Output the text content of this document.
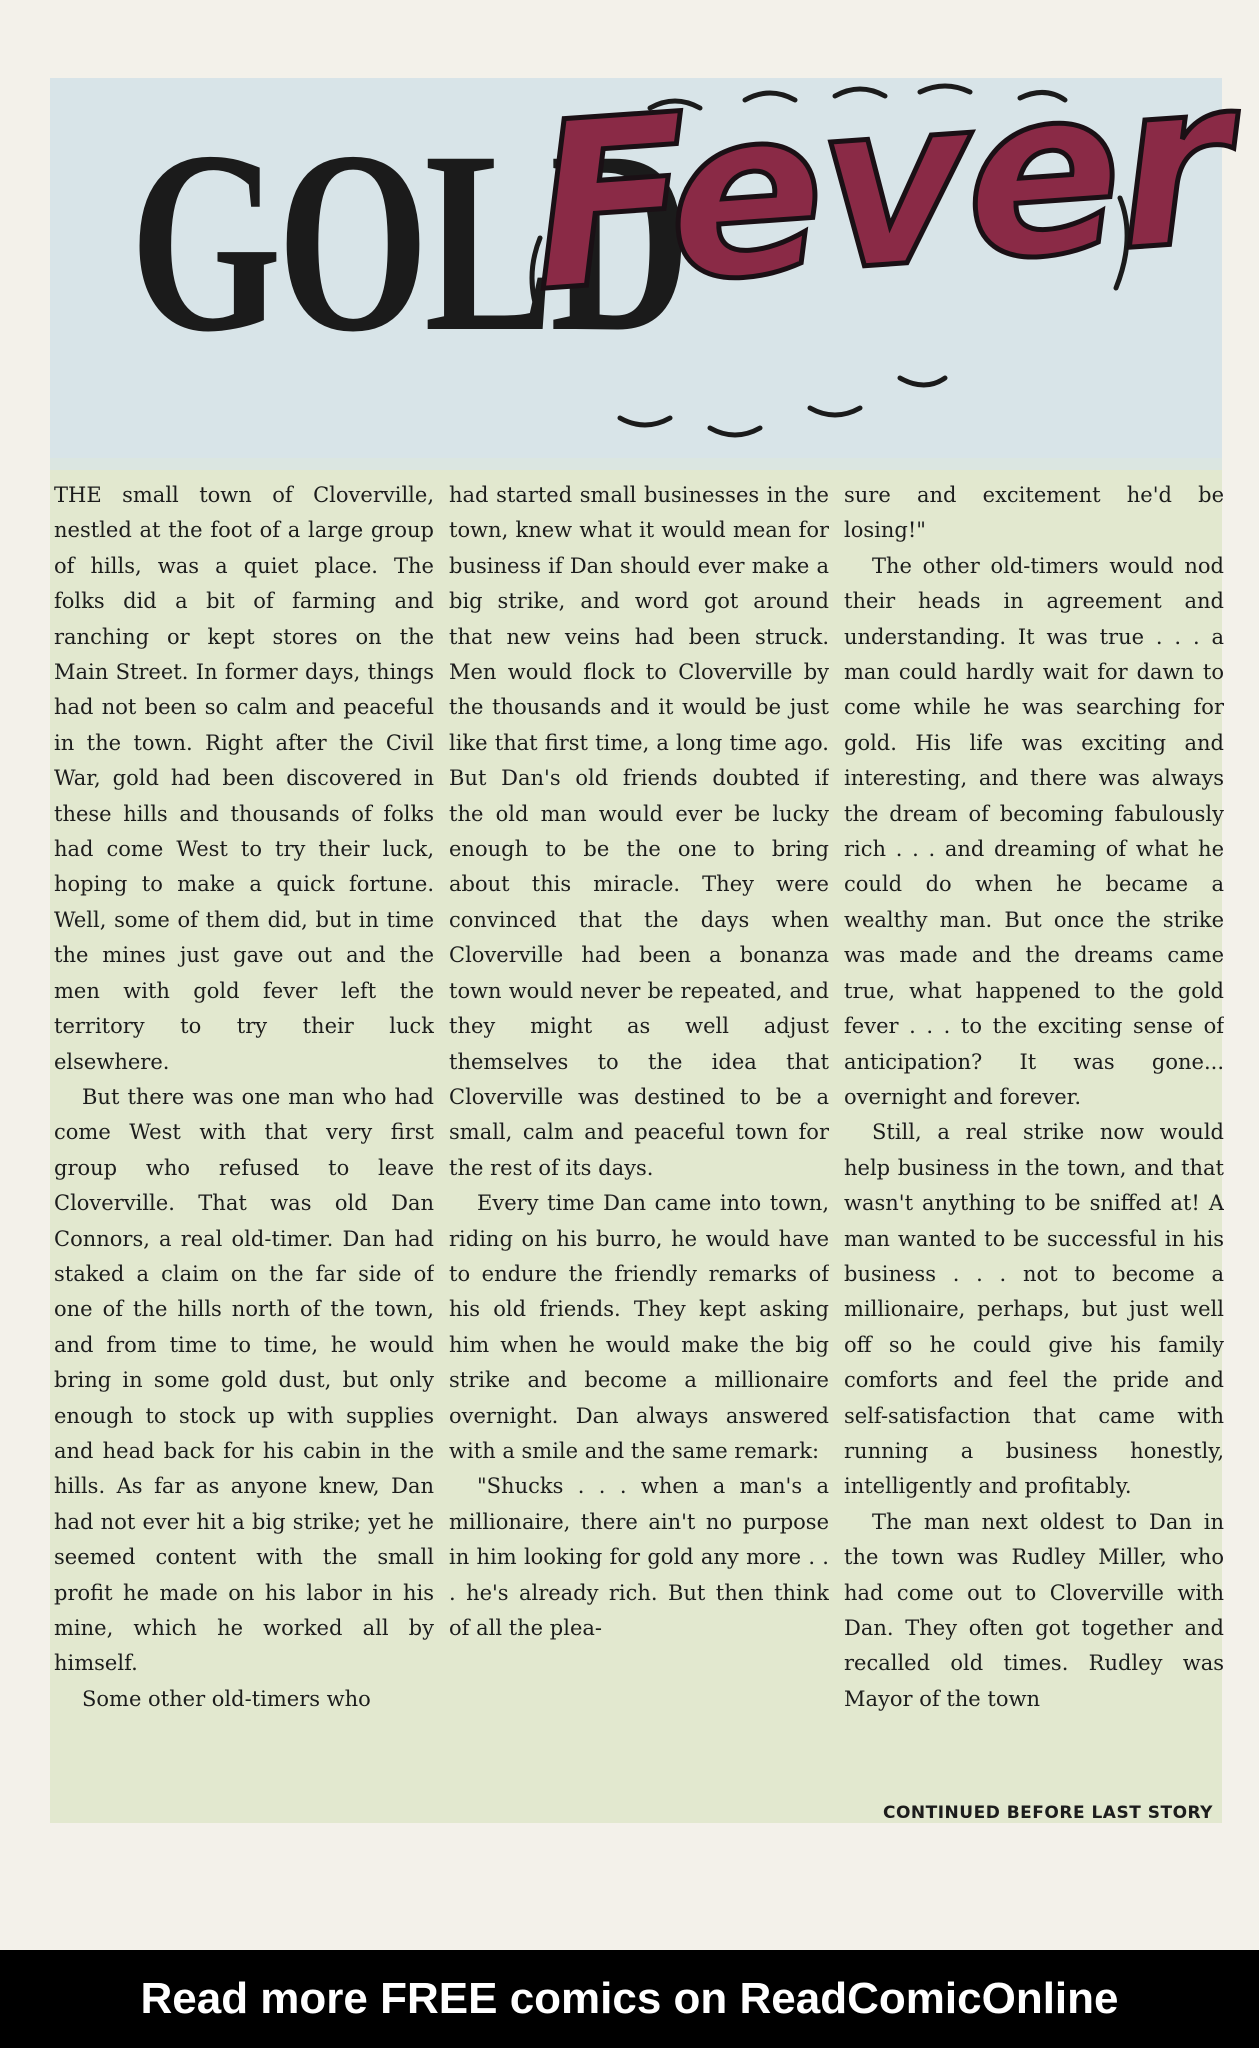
GOLD
Fever

THE small town of Cloverville, nestled at the foot of a large group of hills, was a quiet place. The folks did a bit of farming and ranching or kept stores on the Main Street. In former days, things had not been so calm and peaceful in the town. Right after the Civil War, gold had been discovered in these hills and thousands of folks had come West to try their luck, hoping to make a quick fortune. Well, some of them did, but in time the mines just gave out and the men with gold fever left the territory to try their luck elsewhere.

But there was one man who had come West with that very first group who refused to leave Cloverville. That was old Dan Connors, a real old-timer. Dan had staked a claim on the far side of one of the hills north of the town, and from time to time, he would bring in some gold dust, but only enough to stock up with supplies and head back for his cabin in the hills. As far as anyone knew, Dan had not ever hit a big strike; yet he seemed content with the small profit he made on his labor in his mine, which he worked all by himself.

Some other old-timers who

had started small businesses in the town, knew what it would mean for business if Dan should ever make a big strike, and word got around that new veins had been struck. Men would flock to Cloverville by the thousands and it would be just like that first time, a long time ago. But Dan's old friends doubted if the old man would ever be lucky enough to be the one to bring about this miracle. They were convinced that the days when Cloverville had been a bonanza town would never be repeated, and they might as well adjust themselves to the idea that Cloverville was destined to be a small, calm and peaceful town for the rest of its days.

Every time Dan came into town, riding on his burro, he would have to endure the friendly remarks of his old friends. They kept asking him when he would make the big strike and become a millionaire overnight. Dan always answered with a smile and the same remark:

"Shucks . . . when a man's a millionaire, there ain't no purpose in him looking for gold any more . . . he's already rich. But then think of all the plea-

sure and excitement he'd be losing!"

The other old-timers would nod their heads in agreement and understanding. It was true . . . a man could hardly wait for dawn to come while he was searching for gold. His life was exciting and interesting, and there was always the dream of becoming fabulously rich . . . and dreaming of what he could do when he became a wealthy man. But once the strike was made and the dreams came true, what happened to the gold fever . . . to the exciting sense of anticipation? It was gone... overnight and forever.

Still, a real strike now would help business in the town, and that wasn't anything to be sniffed at! A man wanted to be successful in his business . . . not to become a millionaire, perhaps, but just well off so he could give his family comforts and feel the pride and self-satisfaction that came with running a business honestly, intelligently and profitably.

The man next oldest to Dan in the town was Rudley Miller, who had come out to Cloverville with Dan. They often got together and recalled old times. Rudley was Mayor of the town

CONTINUED BEFORE LAST STORY
Read more FREE comics on ReadComicOnline
